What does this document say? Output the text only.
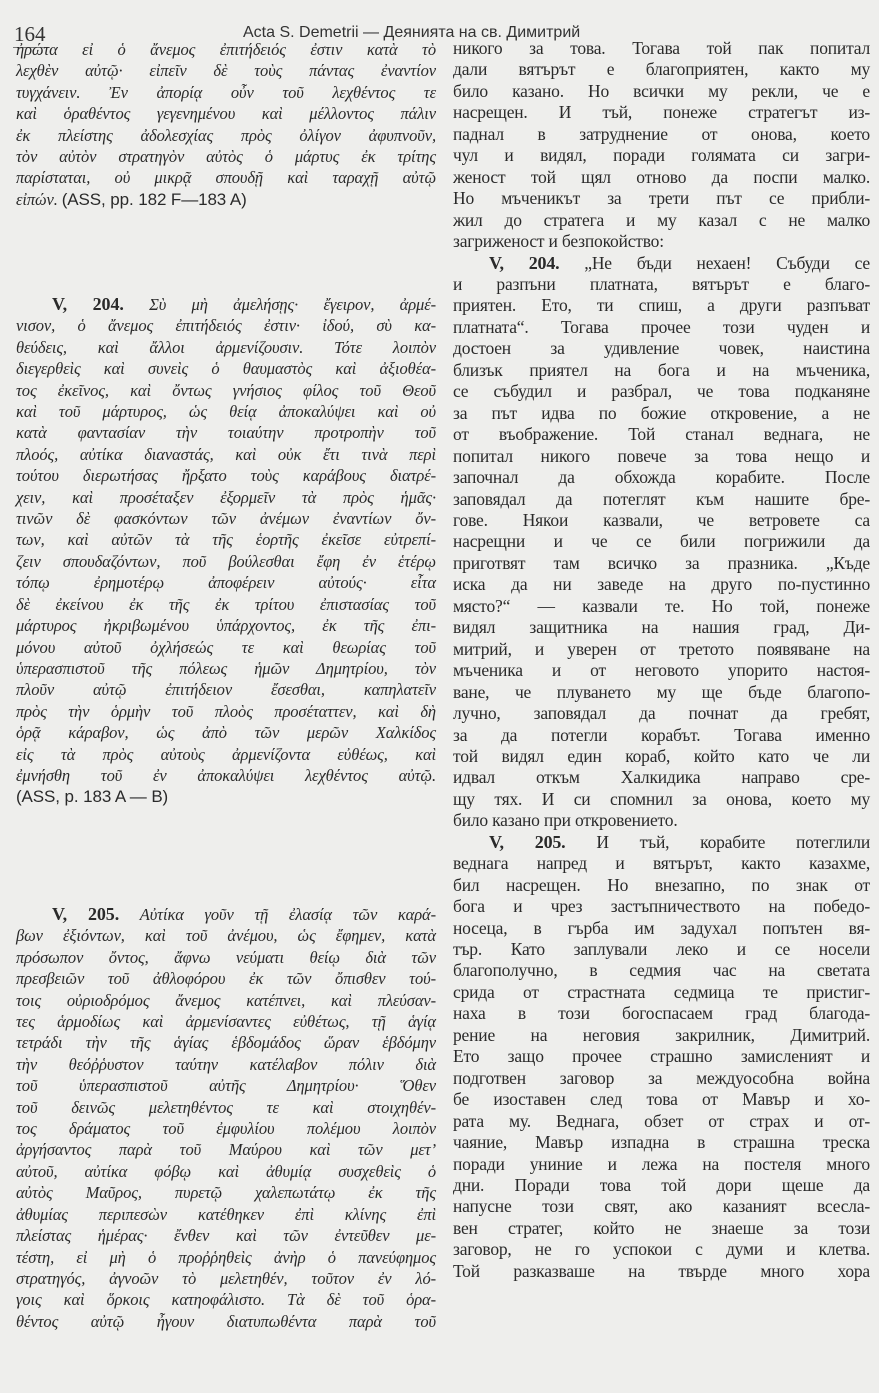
164	Acta S. Demetrii — Деянията на св. Димитрий
ἠρώτα εἰ ὁ ἄνεμος ἐπιτήδειός ἐστιν κατὰ τὸ
λεχθὲν αὐτῷ· εἰπεῖν δὲ τοὺς πάντας ἐναντίον
τυγχάνειν. Ἐν ἀπορίᾳ οὖν τοῦ λεχθέντος τε
καὶ ὁραθέντος γεγενημένου καὶ μέλλοντος πάλιν
ἐκ πλείστης ἀδολεσχίας πρὸς ὀλίγον ἀφυπνοῦν,
τὸν αὐτὸν στρατηγὸν αὐτὸς ὁ μάρτυς ἐκ τρίτης
παρίσταται, οὐ μικρᾷ σπουδῇ καὶ ταραχῇ αὐτῷ
εἰπών. (ASS, pp. 182 F—183 A)
V, 204. Σὺ μὴ ἀμελήσῃς· ἔγειρον, ἀρμέ-
νισον, ὁ ἄνεμος ἐπιτήδειός ἐστιν· ἰδού, σὺ κα-
θεύδεις, καὶ ἄλλοι ἀρμενίζουσιν. Τότε λοιπὸν
διεγερθεὶς καὶ συνεὶς ὁ θαυμαστὸς καὶ ἀξιοθέα-
τος ἐκεῖνος, καὶ ὄντως γνήσιος φίλος τοῦ Θεοῦ
καὶ τοῦ μάρτυρος, ὡς θείᾳ ἀποκαλύψει καὶ οὐ
κατὰ φαντασίαν τὴν τοιαύτην προτροπὴν τοῦ
πλοός, αὐτίκα διαναστάς, καὶ οὐκ ἔτι τινὰ περὶ
τούτου διερωτήσας ἤρξατο τοὺς καράβους διατρέ-
χειν, καὶ προσέταξεν ἐξορμεῖν τὰ πρὸς ἡμᾶς·
τινῶν δὲ φασκόντων τῶν ἀνέμων ἐναντίων ὄν-
των, καὶ αὐτῶν τὰ τῆς ἑορτῆς ἐκεῖσε εὐτρεπί-
ζειν σπουδαζόντων, ποῦ βούλεσθαι ἔφη ἐν ἑτέρῳ
τόπῳ ἐρημοτέρῳ ἀποφέρειν αὐτούς· εἶτα
δὲ ἐκείνου ἐκ τῆς ἐκ τρίτου ἐπιστασίας τοῦ
μάρτυρος ἠκριβωμένου ὑπάρχοντος, ἐκ τῆς ἐπι-
μόνου αὐτοῦ ὀχλήσεώς τε καὶ θεωρίας τοῦ
ὑπερασπιστοῦ τῆς πόλεως ἡμῶν Δημητρίου, τὸν
πλοῦν αὐτῷ ἐπιτήδειον ἔσεσθαι, καπηλατεῖν
πρὸς τὴν ὁρμὴν τοῦ πλοὸς προσέταττεν, καὶ δὴ
ὁρᾷ κάραβον, ὡς ἀπὸ τῶν μερῶν Χαλκίδος
εἰς τὰ πρὸς αὐτοὺς ἀρμενίζοντα εὐθέως, καὶ
ἐμνήσθη τοῦ ἐν ἀποκαλύψει λεχθέντος αὐτῷ.
(ASS, p. 183 A — B)
V, 205. Αὐτίκα γοῦν τῇ ἐλασίᾳ τῶν καρά-
βων ἐξιόντων, καὶ τοῦ ἀνέμου, ὡς ἔφημεν, κατὰ
πρόσωπον ὄντος, ἄφνω νεύματι θείῳ διὰ τῶν
πρεσβειῶν τοῦ ἀθλοφόρου ἐκ τῶν ὄπισθεν τού-
τοις οὐριοδρόμος ἄνεμος κατέπνει, καὶ πλεύσαν-
τες ἁρμοδίως καὶ ἀρμενίσαντες εὐθέτως, τῇ ἁγίᾳ
τετράδι τὴν τῆς ἁγίας ἑβδομάδος ὥραν ἑβδόμην
τὴν θεόῤῥυστον ταύτην κατέλαβον πόλιν διὰ
τοῦ ὑπερασπιστοῦ αὐτῆς Δημητρίου· Ὅθεν
τοῦ δεινῶς μελετηθέντος τε καὶ στοιχηθέν-
τος δράματος τοῦ ἐμφυλίου πολέμου λοιπὸν
ἀργήσαντος παρὰ τοῦ Μαύρου καὶ τῶν μετ’
αὐτοῦ, αὐτίκα φόβῳ καὶ ἀθυμίᾳ συσχεθεὶς ὁ
αὐτὸς Μαῦρος, πυρετῷ χαλεπωτάτῳ ἐκ τῆς
ἀθυμίας περιπεσὼν κατέθηκεν ἐπὶ κλίνης ἐπὶ
πλείστας ἡμέρας· ἔνθεν καὶ τῶν ἐντεῦθεν με-
τέστη, εἰ μὴ ὁ προῤῥηθεὶς ἀνὴρ ὁ πανεύφημος
στρατηγός, ἀγνοῶν τὸ μελετηθέν, τοῦτον ἐν λό-
γοις καὶ ὅρκοις κατηοφάλιστο. Τὰ δὲ τοῦ ὁρα-
θέντος αὐτῷ ἦγουν διατυπωθέντα παρὰ τοῦ
никого за това. Тогава той пак попитал
дали вятърът е благоприятен, както му
било казано. Но всички му рекли, че е
насрещен. И тъй, понеже стратегът из-
паднал в затруднение от онова, което
чул и видял, поради голямата си загри-
женост той щял отново да поспи малко.
Но мъченикът за трети път се прибли-
жил до стратега и му казал с не малко
загриженост и безпокойство:
V, 204. „Не бъди нехаен! Събуди се
и разпъни платната, вятърът е благо-
приятен. Ето, ти спиш, а други разпъват
платната“. Тогава прочее този чуден и
достоен за удивление човек, наистина
близък приятел на бога и на мъченика,
се събудил и разбрал, че това подканяне
за път идва по божие откровение, а не
от въображение. Той станал веднага, не
попитал никого повече за това нещо и
започнал да обхожда корабите. После
заповядал да потеглят към нашите бре-
гове. Някои казвали, че ветровете са
насрещни и че се били погрижили да
приготвят там всичко за празника. „Къде
иска да ни заведе на друго по-пустинно
място?“ — казвали те. Но той, понеже
видял защитника на нашия град, Ди-
митрий, и уверен от третото появяване на
мъченика и от неговото упорито настоя-
ване, че плуването му ще бъде благопо-
лучно, заповядал да почнат да гребят,
за да потегли корабът. Тогава именно
той видял един кораб, който като че ли
идвал откъм Халкидика направо сре-
щу тях. И си спомнил за онова, което му
било казано при откровението.
V, 205. И тъй, корабите потеглили
веднага напред и вятърът, както казахме,
бил насрещен. Но внезапно, по знак от
бога и чрез застъпничеството на победо-
носеца, в гърба им задухал попътен вя-
тър. Като заплували леко и се носели
благополучно, в седмия час на светата
срида от страстната седмица те пристиг-
наха в този богоспасаем град благода-
рение на неговия закрилник, Димитрий.
Ето защо прочее страшно замисленият и
подготвен заговор за междуособна война
бе изоставен след това от Мавър и хо-
рата му. Веднага, обзет от страх и от-
чаяние, Мавър изпадна в страшна треска
поради униние и лежа на постеля много
дни. Поради това той дори щеше да
напусне този свят, ако казаният всесла-
вен стратег, който не знаеше за този
заговор, не го успокои с думи и клетва.
Той разказваше на твърде много хора
